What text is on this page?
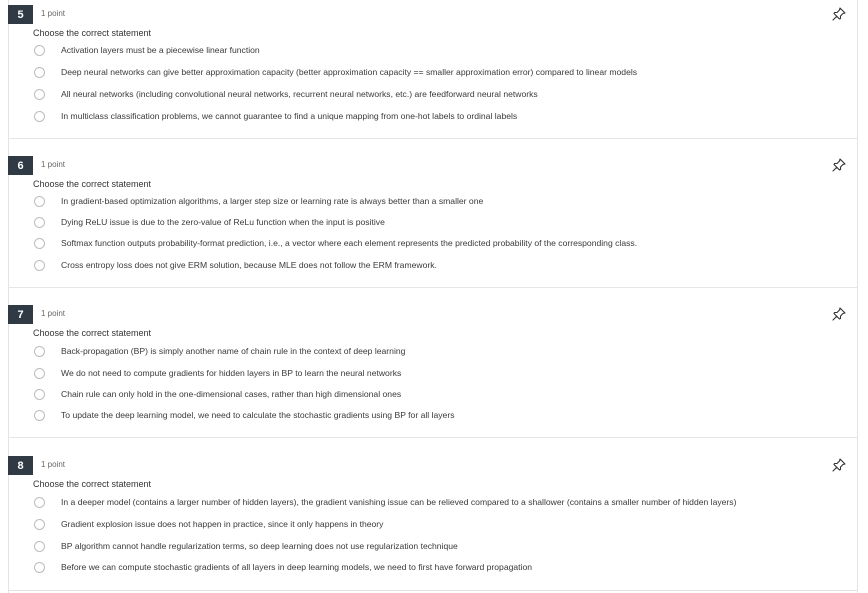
5	1 point
Choose the correct statement
Activation layers must be a piecewise linear function
Deep neural networks can give better approximation capacity (better approximation capacity == smaller approximation error) compared to linear models
All neural networks (including convolutional neural networks, recurrent neural networks, etc.) are feedforward neural networks
In multiclass classification problems, we cannot guarantee to find a unique mapping from one-hot labels to ordinal labels
6	1 point
Choose the correct statement
In gradient-based optimization algorithms, a larger step size or learning rate is always better than a smaller one
Dying ReLU issue is due to the zero-value of ReLu function when the input is positive
Softmax function outputs probability-format prediction, i.e., a vector where each element represents the predicted probability of the corresponding class.
Cross entropy loss does not give ERM solution, because MLE does not follow the ERM framework.
7	1 point
Choose the correct statement
Back-propagation (BP) is simply another name of chain rule in the context of deep learning
We do not need to compute gradients for hidden layers in BP to learn the neural networks
Chain rule can only hold in the one-dimensional cases, rather than high dimensional ones
To update the deep learning model, we need to calculate the stochastic gradients using BP for all layers
8	1 point
Choose the correct statement
In a deeper model (contains a larger number of hidden layers), the gradient vanishing issue can be relieved compared to a shallower (contains a smaller number of hidden layers)
Gradient explosion issue does not happen in practice, since it only happens in theory
BP algorithm cannot handle regularization terms, so deep learning does not use regularization technique
Before we can compute stochastic gradients of all layers in deep learning models, we need to first have forward propagation
